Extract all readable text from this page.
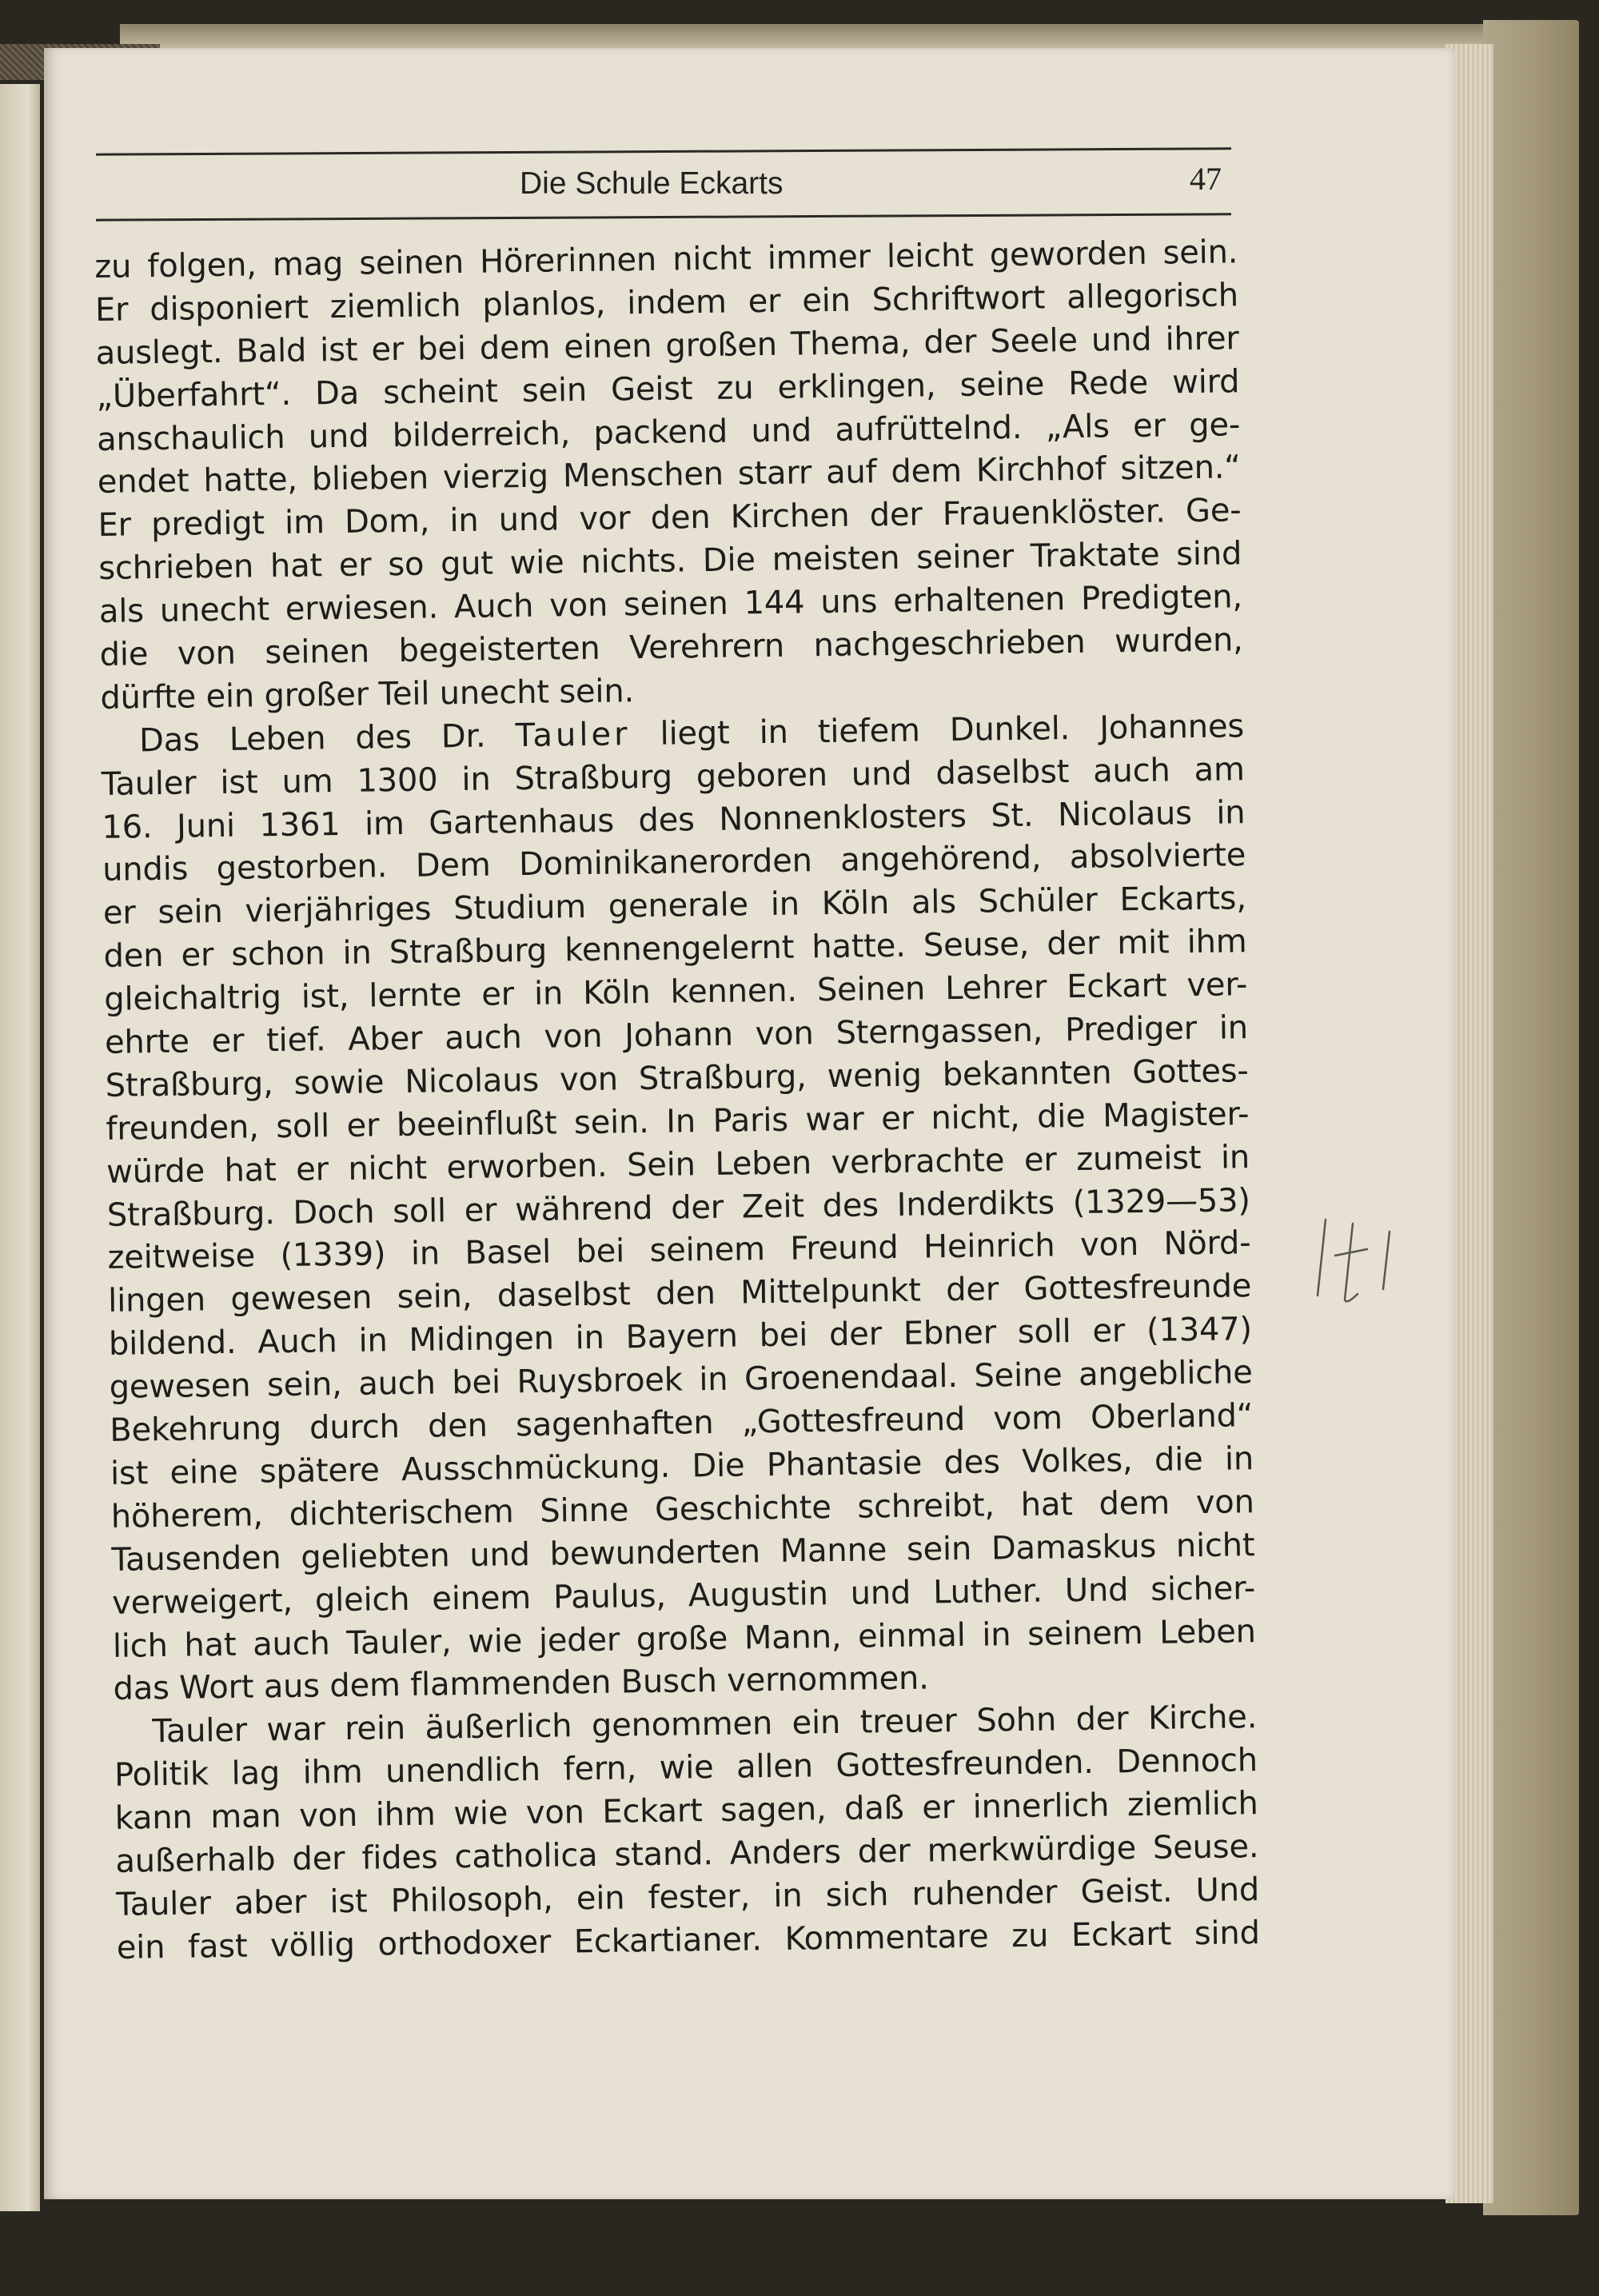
Die Schule Eckarts	47
zu folgen, mag seinen Hörerinnen nicht immer leicht geworden sein.
Er disponiert ziemlich planlos, indem er ein Schriftwort allegorisch
auslegt. Bald ist er bei dem einen großen Thema, der Seele und ihrer
„Überfahrt“. Da scheint sein Geist zu erklingen, seine Rede wird
anschaulich und bilderreich, packend und aufrüttelnd. „Als er ge-
endet hatte, blieben vierzig Menschen starr auf dem Kirchhof sitzen.“
Er predigt im Dom, in und vor den Kirchen der Frauenklöster. Ge-
schrieben hat er so gut wie nichts. Die meisten seiner Traktate sind
als unecht erwiesen. Auch von seinen 144 uns erhaltenen Predigten,
die von seinen begeisterten Verehrern nachgeschrieben wurden,
dürfte ein großer Teil unecht sein.
Das Leben des Dr. Tauler liegt in tiefem Dunkel. Johannes
Tauler ist um 1300 in Straßburg geboren und daselbst auch am
16. Juni 1361 im Gartenhaus des Nonnenklosters St. Nicolaus in
undis gestorben. Dem Dominikanerorden angehörend, absolvierte
er sein vierjähriges Studium generale in Köln als Schüler Eckarts,
den er schon in Straßburg kennengelernt hatte. Seuse, der mit ihm
gleichaltrig ist, lernte er in Köln kennen. Seinen Lehrer Eckart ver-
ehrte er tief. Aber auch von Johann von Sterngassen, Prediger in
Straßburg, sowie Nicolaus von Straßburg, wenig bekannten Gottes-
freunden, soll er beeinflußt sein. In Paris war er nicht, die Magister-
würde hat er nicht erworben. Sein Leben verbrachte er zumeist in
Straßburg. Doch soll er während der Zeit des Inderdikts (1329—53)
zeitweise (1339) in Basel bei seinem Freund Heinrich von Nörd-
lingen gewesen sein, daselbst den Mittelpunkt der Gottesfreunde
bildend. Auch in Midingen in Bayern bei der Ebner soll er (1347)
gewesen sein, auch bei Ruysbroek in Groenendaal. Seine angebliche
Bekehrung durch den sagenhaften „Gottesfreund vom Oberland“
ist eine spätere Ausschmückung. Die Phantasie des Volkes, die in
höherem, dichterischem Sinne Geschichte schreibt, hat dem von
Tausenden geliebten und bewunderten Manne sein Damaskus nicht
verweigert, gleich einem Paulus, Augustin und Luther. Und sicher-
lich hat auch Tauler, wie jeder große Mann, einmal in seinem Leben
das Wort aus dem flammenden Busch vernommen.
Tauler war rein äußerlich genommen ein treuer Sohn der Kirche.
Politik lag ihm unendlich fern, wie allen Gottesfreunden. Dennoch
kann man von ihm wie von Eckart sagen, daß er innerlich ziemlich
außerhalb der fides catholica stand. Anders der merkwürdige Seuse.
Tauler aber ist Philosoph, ein fester, in sich ruhender Geist. Und
ein fast völlig orthodoxer Eckartianer. Kommentare zu Eckart sind
